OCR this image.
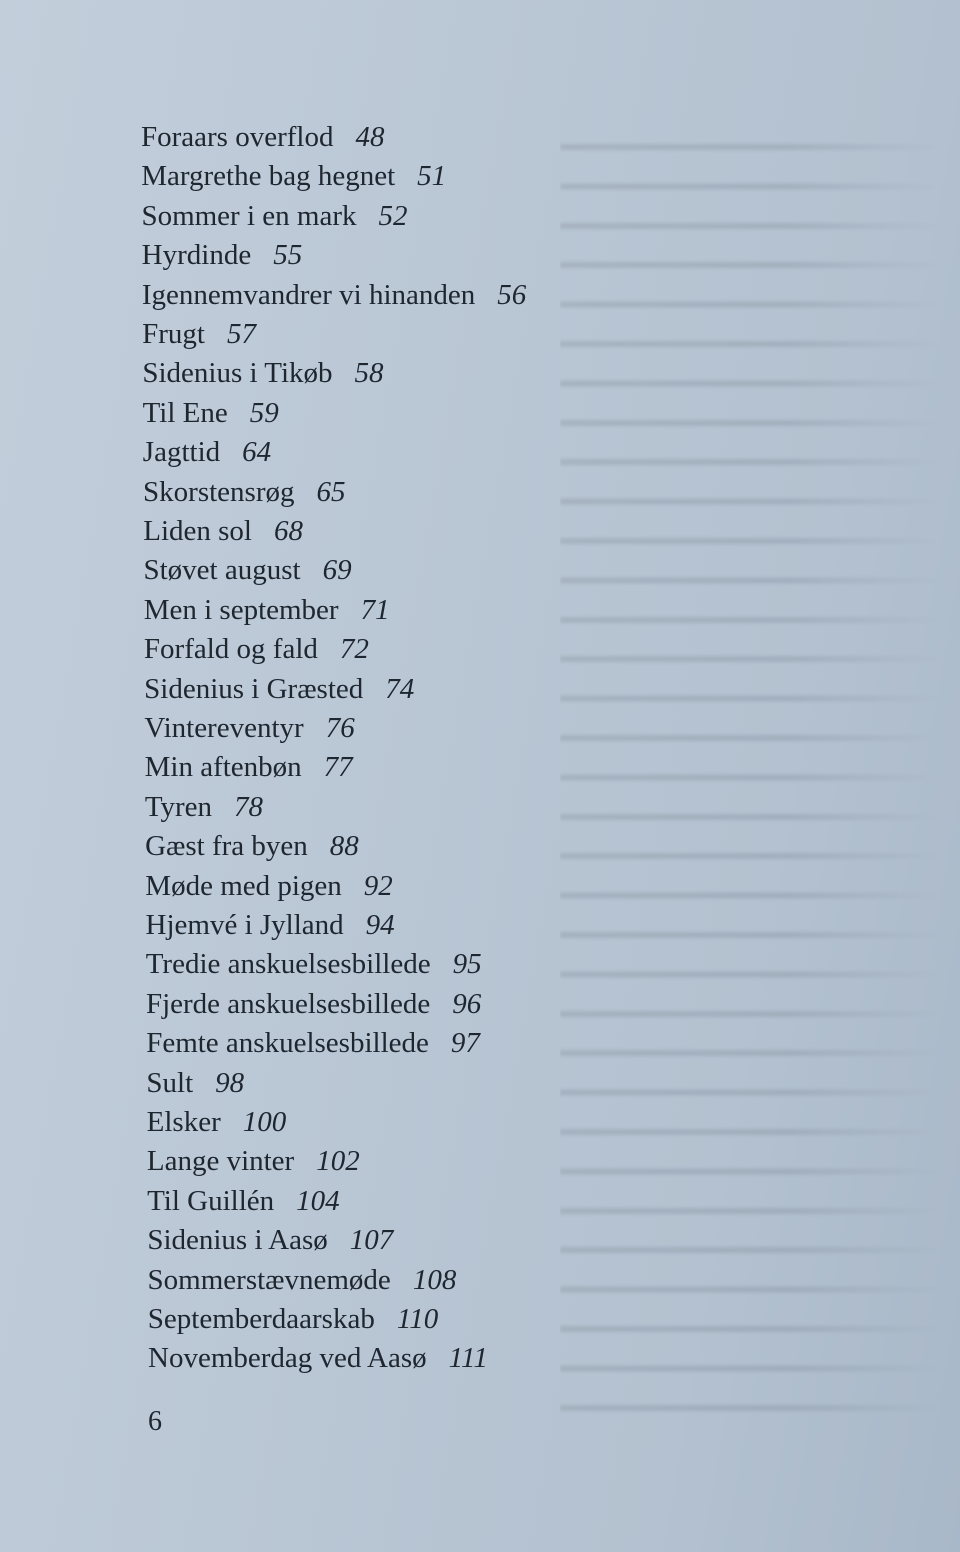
Foraars overflod 48
Margrethe bag hegnet 51
Sommer i en mark 52
Hyrdinde 55
Igennemvandrer vi hinanden 56
Frugt 57
Sidenius i Tikøb 58
Til Ene 59
Jagttid 64
Skorstensrøg 65
Liden sol 68
Støvet august 69
Men i september 71
Forfald og fald 72
Sidenius i Græsted 74
Vintereventyr 76
Min aftenbøn 77
Tyren 78
Gæst fra byen 88
Møde med pigen 92
Hjemvé i Jylland 94
Tredie anskuelsesbillede 95
Fjerde anskuelsesbillede 96
Femte anskuelsesbillede 97
Sult 98
Elsker 100
Lange vinter 102
Til Guillén 104
Sidenius i Aasø 107
Sommerstævnemøde 108
Septemberdaarskab 110
Novemberdag ved Aasø 111
6
